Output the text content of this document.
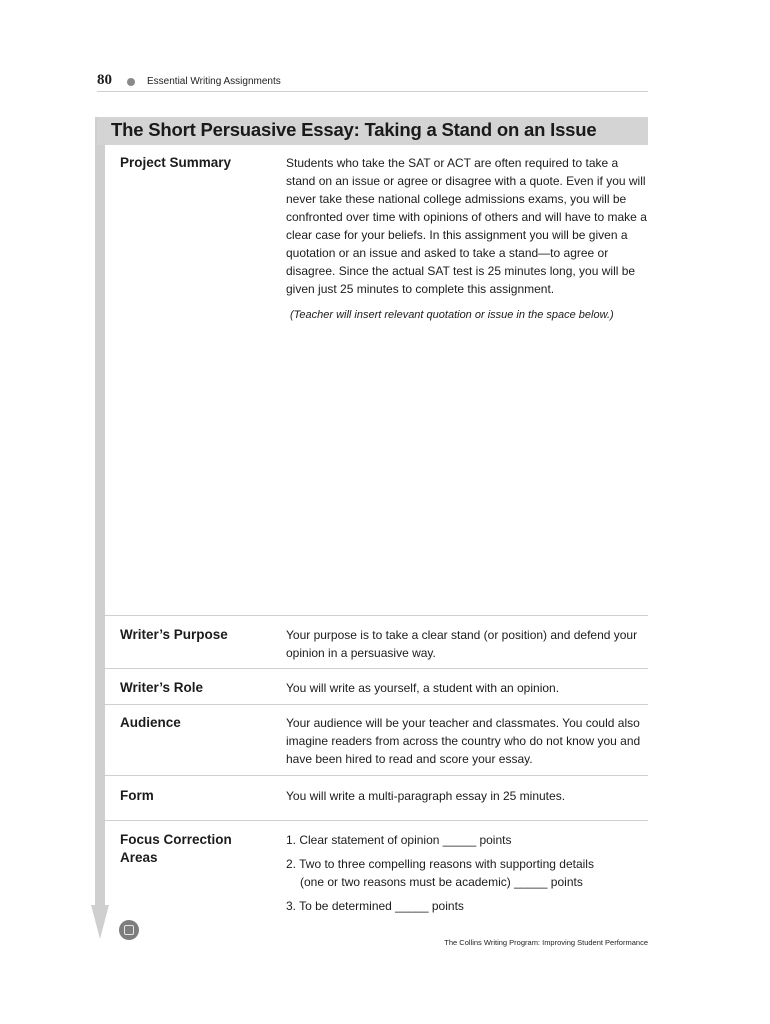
80	Essential Writing Assignments
The Short Persuasive Essay: Taking a Stand on an Issue
Project Summary	Students who take the SAT or ACT are often required to take a stand on an issue or agree or disagree with a quote. Even if you will never take these national college admissions exams, you will be confronted over time with opinions of others and will have to make a clear case for your beliefs. In this assignment you will be given a quotation or an issue and asked to take a stand—to agree or disagree. Since the actual SAT test is 25 minutes long, you will be given just 25 minutes to complete this assignment.
(Teacher will insert relevant quotation or issue in the space below.)
Writer’s Purpose	Your purpose is to take a clear stand (or position) and defend your opinion in a persuasive way.
Writer’s Role	You will write as yourself, a student with an opinion.
Audience	Your audience will be your teacher and classmates. You could also imagine readers from across the country who do not know you and have been hired to read and score your essay.
Form	You will write a multi-paragraph essay in 25 minutes.
Focus Correction Areas
1. Clear statement of opinion _____ points
2. Two to three compelling reasons with supporting details
(one or two reasons must be academic) _____ points
3. To be determined _____ points
The Collins Writing Program: Improving Student Performance
